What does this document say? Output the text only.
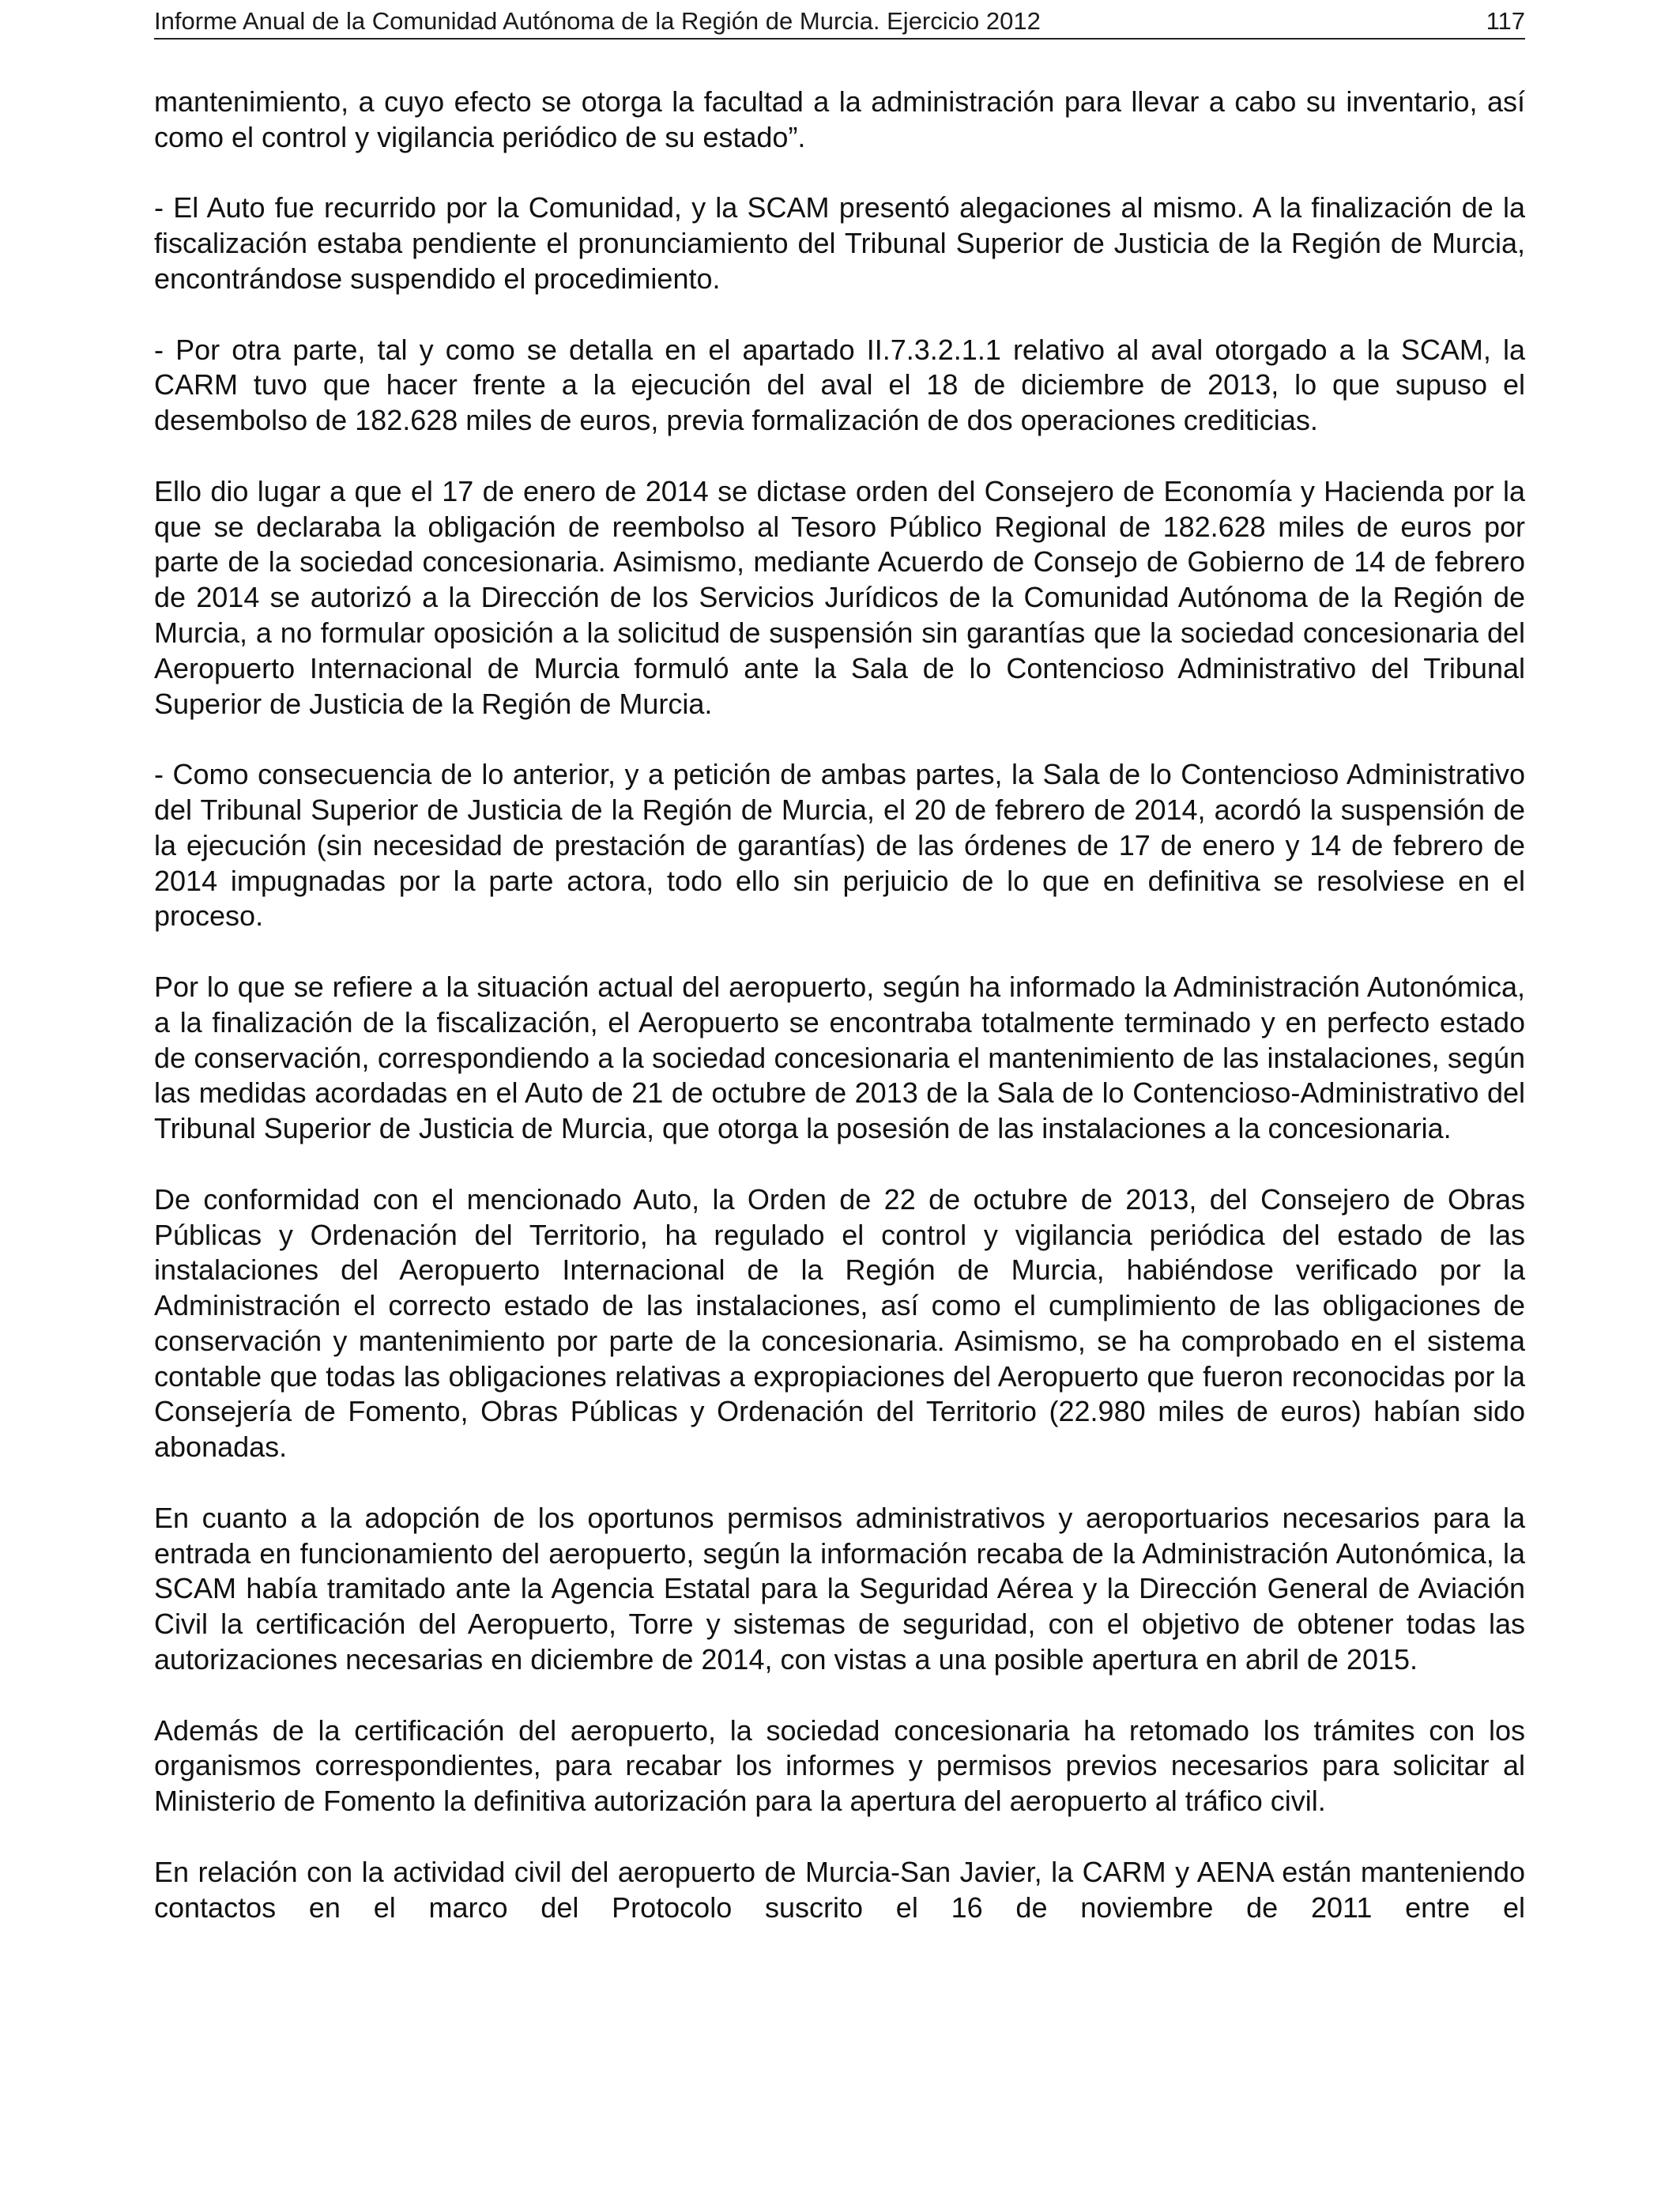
Informe Anual de la Comunidad Autónoma de la Región de Murcia. Ejercicio 2012	117

mantenimiento, a cuyo efecto se otorga la facultad a la administración para llevar a cabo su inventario, así como el control y vigilancia periódico de su estado”.

- El Auto fue recurrido por la Comunidad, y la SCAM presentó alegaciones al mismo. A la finalización de la fiscalización estaba pendiente el pronunciamiento del Tribunal Superior de Justicia de la Región de Murcia, encontrándose suspendido el procedimiento.

- Por otra parte, tal y como se detalla en el apartado II.7.3.2.1.1 relativo al aval otorgado a la SCAM, la CARM tuvo que hacer frente a la ejecución del aval el 18 de diciembre de 2013, lo que supuso el desembolso de 182.628 miles de euros, previa formalización de dos operaciones crediticias.

Ello dio lugar a que el 17 de enero de 2014 se dictase orden del Consejero de Economía y Hacienda por la que se declaraba la obligación de reembolso al Tesoro Público Regional de 182.628 miles de euros por parte de la sociedad concesionaria. Asimismo, mediante Acuerdo de Consejo de Gobierno de 14 de febrero de 2014 se autorizó a la Dirección de los Servicios Jurídicos de la Comunidad Autónoma de la Región de Murcia, a no formular oposición a la solicitud de suspensión sin garantías que la sociedad concesionaria del Aeropuerto Internacional de Murcia formuló ante la Sala de lo Contencioso Administrativo del Tribunal Superior de Justicia de la Región de Murcia.

- Como consecuencia de lo anterior, y a petición de ambas partes, la Sala de lo Contencioso Administrativo del Tribunal Superior de Justicia de la Región de Murcia, el 20 de febrero de 2014, acordó la suspensión de la ejecución (sin necesidad de prestación de garantías) de las órdenes de 17 de enero y 14 de febrero de 2014 impugnadas por la parte actora, todo ello sin perjuicio de lo que en definitiva se resolviese en el proceso.

Por lo que se refiere a la situación actual del aeropuerto, según ha informado la Administración Autonómica, a la finalización de la fiscalización, el Aeropuerto se encontraba totalmente terminado y en perfecto estado de conservación, correspondiendo a la sociedad concesionaria el mantenimiento de las instalaciones, según las medidas acordadas en el Auto de 21 de octubre de 2013 de la Sala de lo Contencioso-Administrativo del Tribunal Superior de Justicia de Murcia, que otorga la posesión de las instalaciones a la concesionaria.

De conformidad con el mencionado Auto, la Orden de 22 de octubre de 2013, del Consejero de Obras Públicas y Ordenación del Territorio, ha regulado el control y vigilancia periódica del estado de las instalaciones del Aeropuerto Internacional de la Región de Murcia, habiéndose verificado por la Administración el correcto estado de las instalaciones, así como el cumplimiento de las obligaciones de conservación y mantenimiento por parte de la concesionaria. Asimismo, se ha comprobado en el sistema contable que todas las obligaciones relativas a expropiaciones del Aeropuerto que fueron reconocidas por la Consejería de Fomento, Obras Públicas y Ordenación del Territorio (22.980 miles de euros) habían sido abonadas.

En cuanto a la adopción de los oportunos permisos administrativos y aeroportuarios necesarios para la entrada en funcionamiento del aeropuerto, según la información recaba de la Administración Autonómica, la SCAM había tramitado ante la Agencia Estatal para la Seguridad Aérea y la Dirección General de Aviación Civil la certificación del Aeropuerto, Torre y sistemas de seguridad, con el objetivo de obtener todas las autorizaciones necesarias en diciembre de 2014, con vistas a una posible apertura en abril de 2015.

Además de la certificación del aeropuerto, la sociedad concesionaria ha retomado los trámites con los organismos correspondientes, para recabar los informes y permisos previos necesarios para solicitar al Ministerio de Fomento la definitiva autorización para la apertura del aeropuerto al tráfico civil.

En relación con la actividad civil del aeropuerto de Murcia-San Javier, la CARM y AENA están manteniendo contactos en el marco del Protocolo suscrito el 16 de noviembre de 2011 entre el
